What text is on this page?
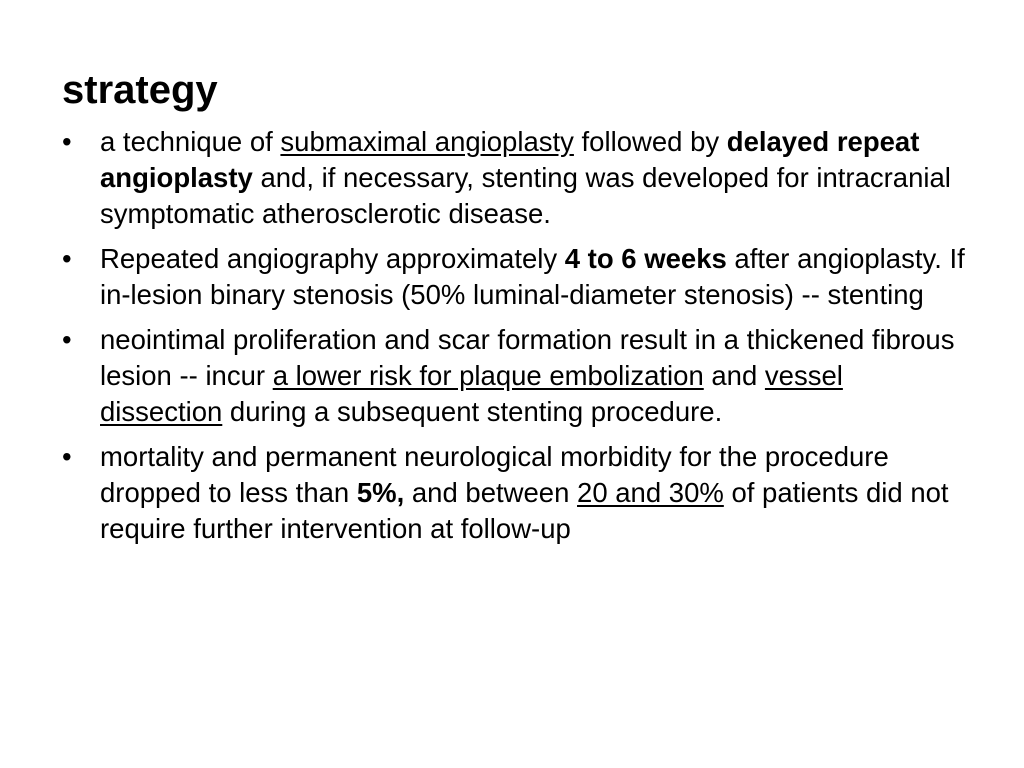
strategy
•	a technique of submaximal angioplasty followed by delayed repeat angioplasty and, if necessary, stenting was developed for intracranial symptomatic atherosclerotic disease.
•	Repeated angiography approximately 4 to 6 weeks after angioplasty. If in-lesion binary stenosis (50% luminal-diameter stenosis) -- stenting
•	neointimal proliferation and scar formation result in a thickened fibrous lesion -- incur a lower risk for plaque embolization and vessel dissection during a subsequent stenting procedure.
•	mortality and permanent neurological morbidity for the procedure dropped to less than 5%, and between 20 and 30% of patients did not require further intervention at follow-up
